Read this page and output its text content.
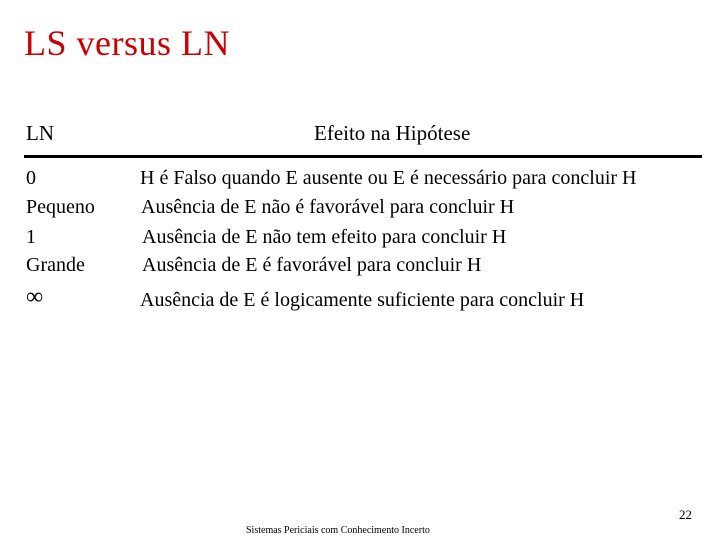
LS versus LN
LN	Efeito na Hipótese
0	H é Falso quando E ausente ou E é necessário para concluir H
Pequeno Ausência de E não é favorável para concluir H
1	Ausência de E não tem efeito para concluir H
Grande	Ausência de E é favorável para concluir H
∞	Ausência de E é logicamente suficiente para concluir H
22
Sistemas Periciais com Conhecimento Incerto
